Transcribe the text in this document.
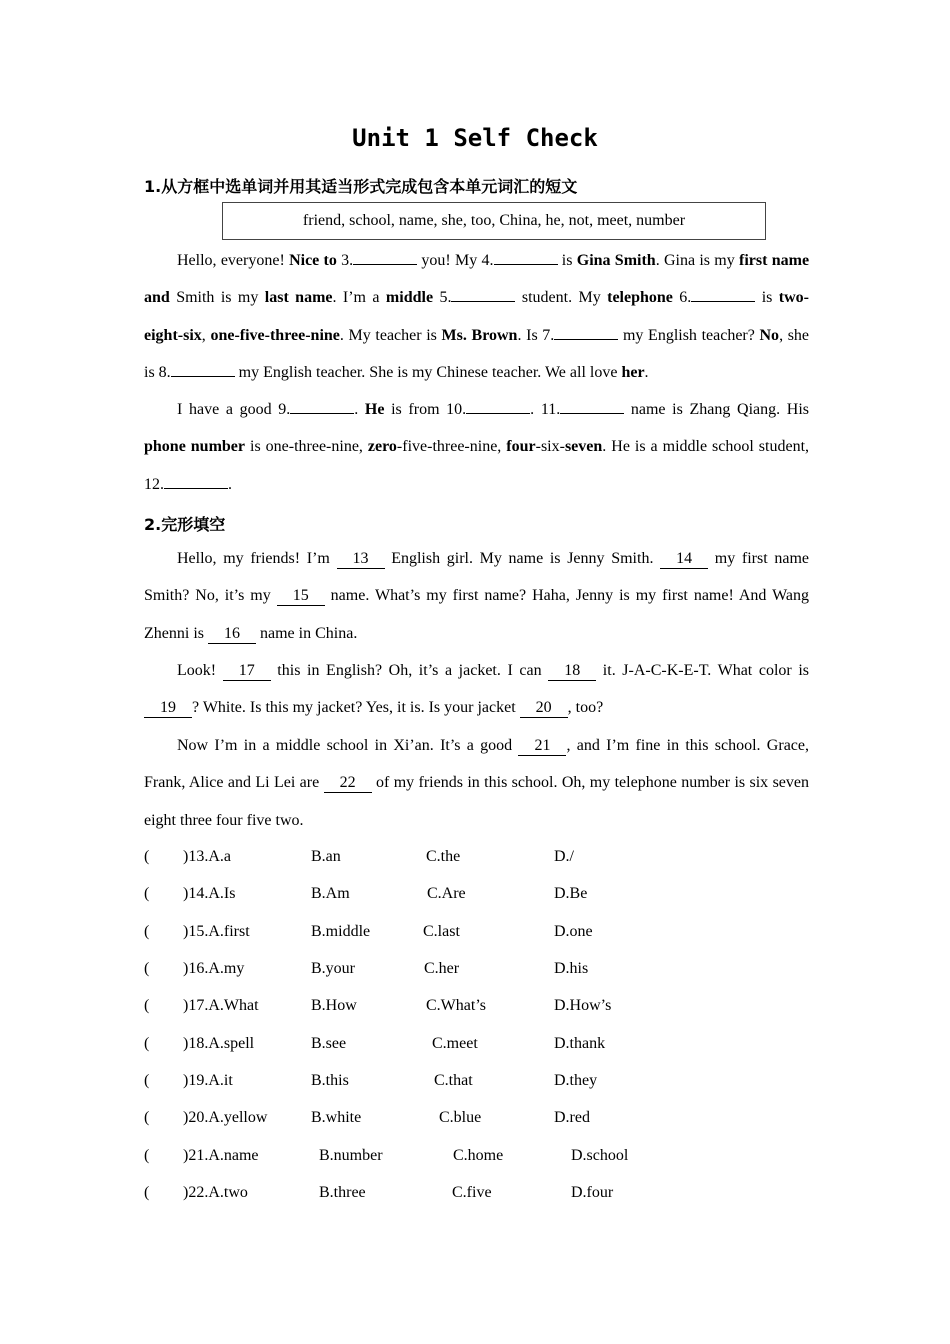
Unit 1 Self Check
1.从方框中选单词并用其适当形式完成包含本单元词汇的短文
friend, school, name, she, too, China, he, not, meet, number

Hello, everyone! Nice to 3.	you! My 4.	is Gina Smith. Gina is my first name and Smith is my last name. I’m a middle 5.	student. My telephone 6.	is two-eight-six, one-five-three-nine. My teacher is Ms. Brown. Is 7.	my English teacher? No, she is 8.	my English teacher. She is my Chinese teacher. We all love her.

I have a good 9.	. He is from 10.	. 11.	name is Zhang Qiang. His phone number is one-three-nine, zero-five-three-nine, four-six-seven. He is a middle school student, 12.	.

2.完形填空

Hello, my friends! I’m 13 English girl. My name is Jenny Smith. 14 my first name Smith? No, it’s my 15 name. What’s my first name? Haha, Jenny is my first name! And Wang Zhenni is 16 name in China.

Look! 17 this in English? Oh, it’s a jacket. I can 18 it. J-A-C-K-E-T. What color is 19 ? White. Is this my jacket? Yes, it is. Is your jacket 20 , too?

Now I’m in a middle school in Xi’an. It’s a good 21 , and I’m fine in this school. Grace, Frank, Alice and Li Lei are 22 of my friends in this school. Oh, my telephone number is six seven eight three four five two.

( )13.A.a	B.an	C.the	D./
( )14.A.Is	B.Am	C.Are	D.Be
( )15.A.first	B.middle	C.last	D.one
( )16.A.my	B.your	C.her	D.his
( )17.A.What	B.How	C.What’s	D.How’s
( )18.A.spell	B.see	C.meet	D.thank
( )19.A.it	B.this	C.that	D.they
( )20.A.yellow	B.white	C.blue	D.red
( )21.A.name	B.number	C.home	D.school
( )22.A.two	B.three	C.five	D.four
